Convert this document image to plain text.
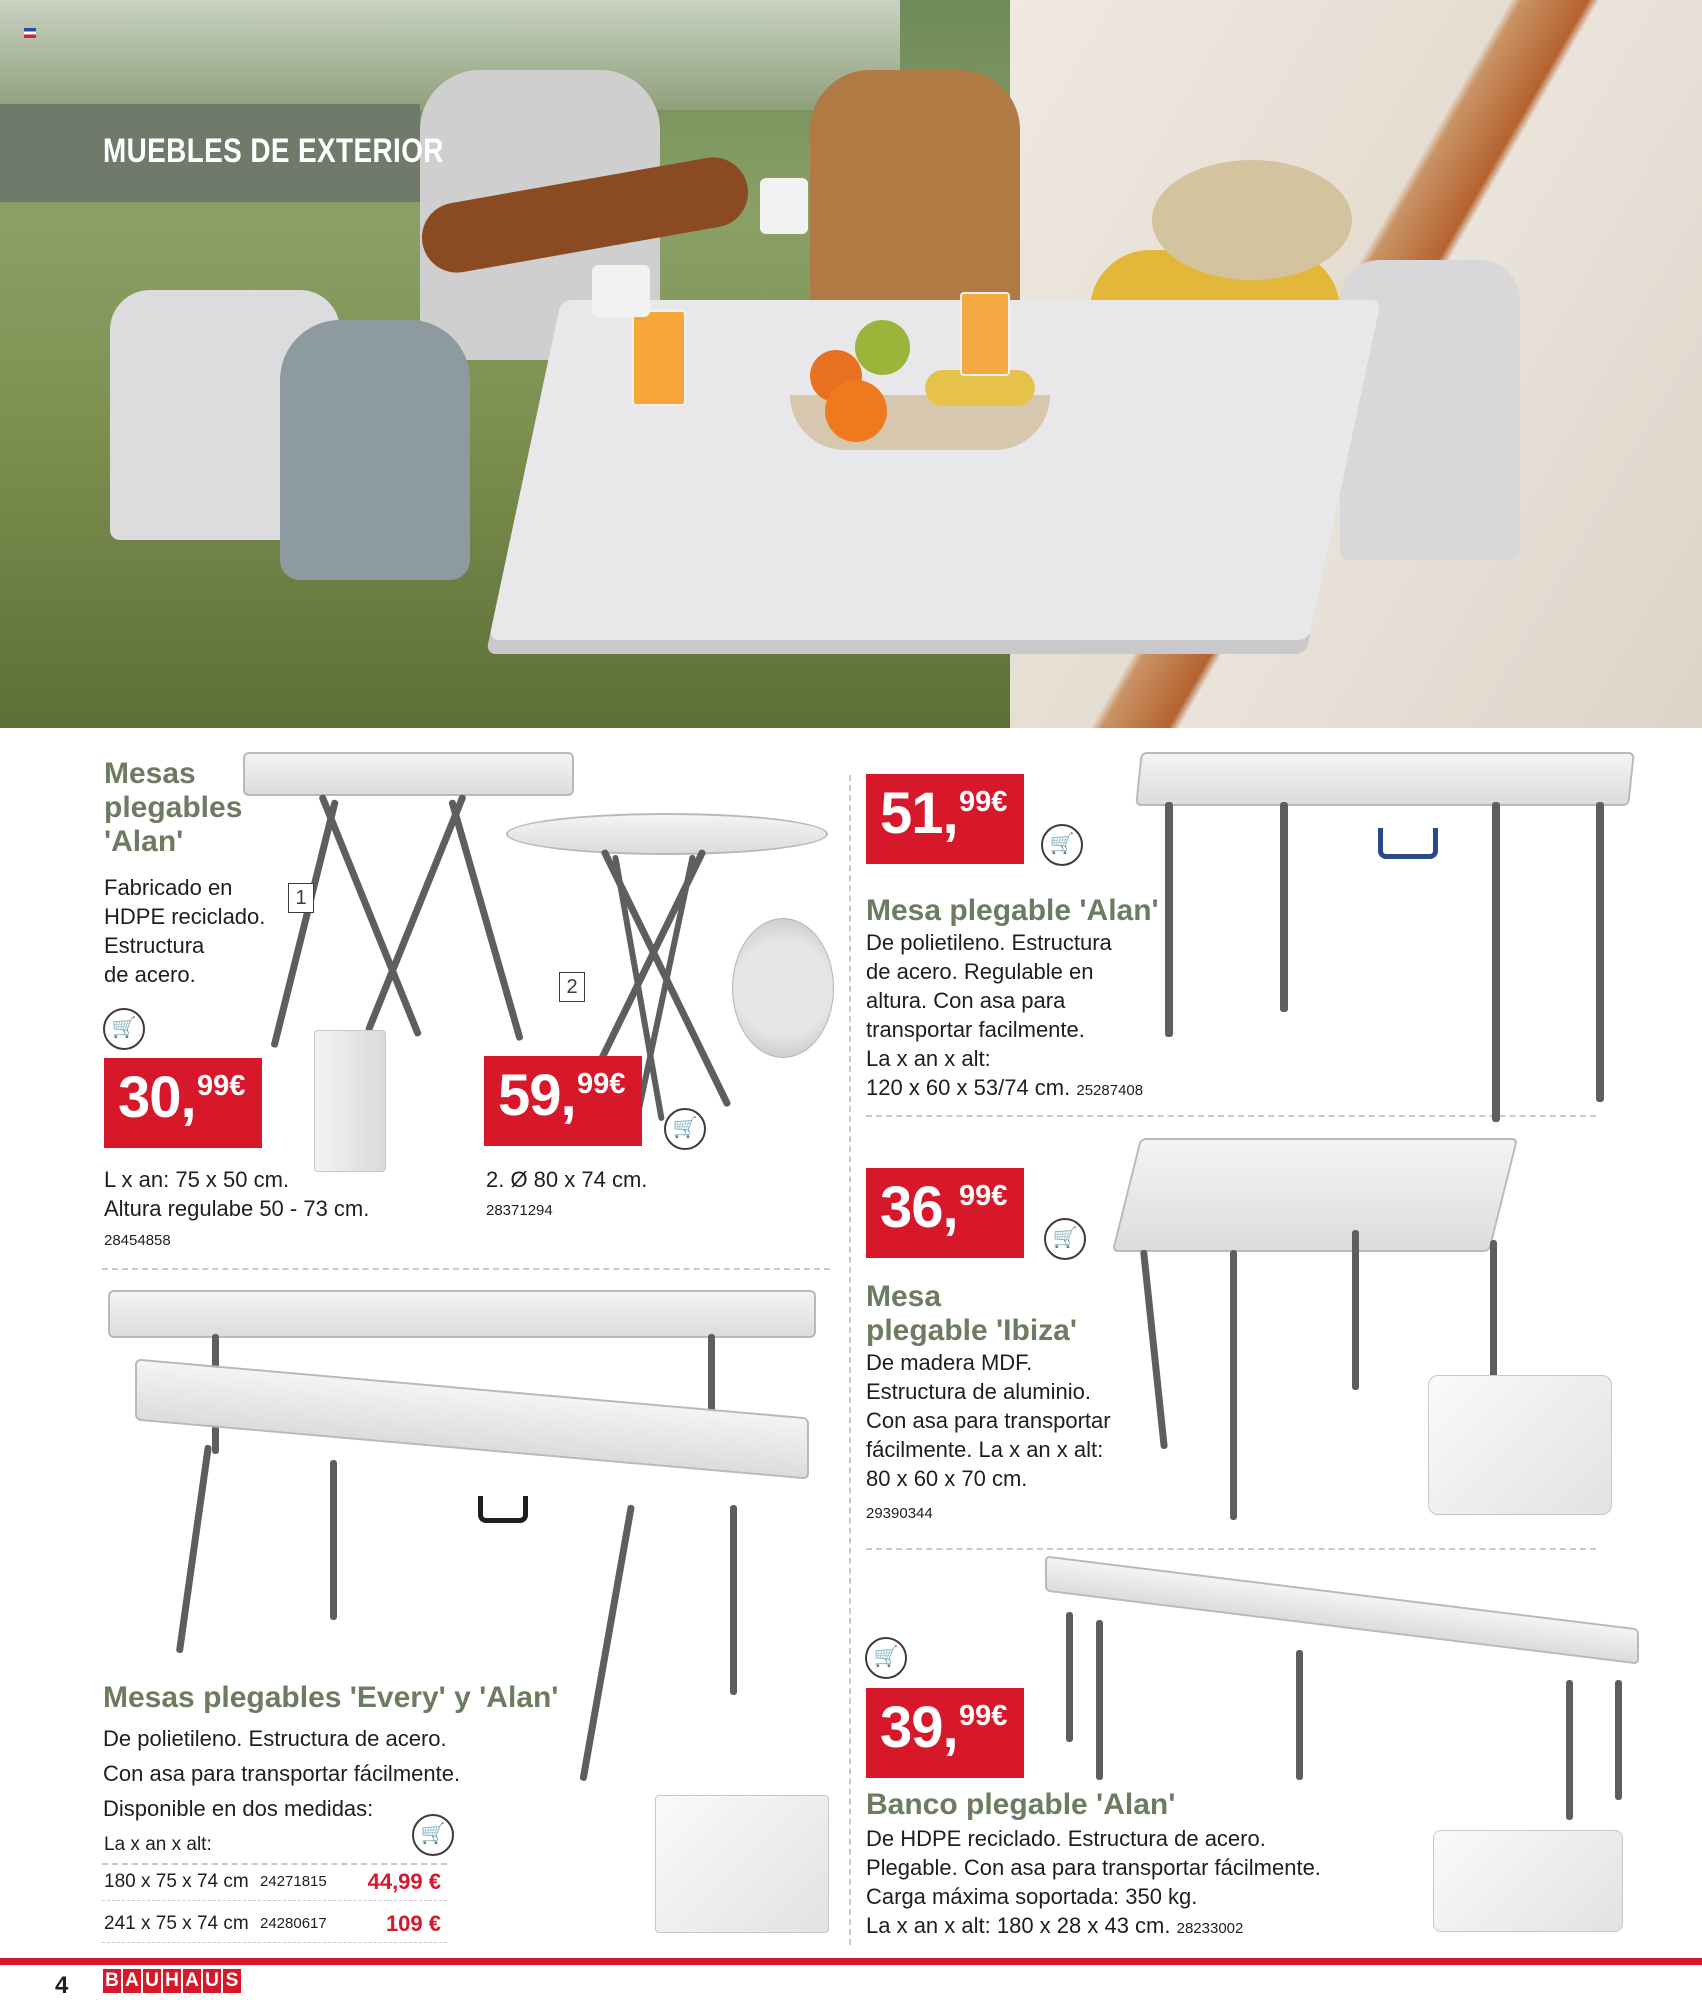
MUEBLES DE EXTERIOR
Mesas
plegables
'Alan'
Fabricado en
HDPE reciclado.
Estructura
de acero.
🛒
1
30, 99€
L x an: 75 x 50 cm.
Altura regulabe 50 - 73 cm.
28454858
2
59, 99€
🛒
2. Ø 80 x 74 cm.
28371294
51, 99€
🛒
Mesa plegable 'Alan'
De polietileno. Estructura
de acero. Regulable en
altura. Con asa para
transportar facilmente.
La x an x alt:
120 x 60 x 53/74 cm. 25287408
36, 99€
🛒
Mesa
plegable 'Ibiza'
De madera MDF.
Estructura de aluminio.
Con asa para transportar
fácilmente. La x an x alt:
80 x 60 x 70 cm.
29390344
Mesas plegables 'Every' y 'Alan'
De polietileno. Estructura de acero.
Con asa para transportar fácilmente.
Disponible en dos medidas:
🛒
La x an x alt:
180 x 75 x 74 cm 24271815 44,99 €
241 x 75 x 74 cm 24280617	109 €
🛒
39, 99€
Banco plegable 'Alan'
De HDPE reciclado. Estructura de acero.
Plegable. Con asa para transportar fácilmente.
Carga máxima soportada: 350 kg.
La x an x alt: 180 x 28 x 43 cm. 28233002
4 B A U H A U S
